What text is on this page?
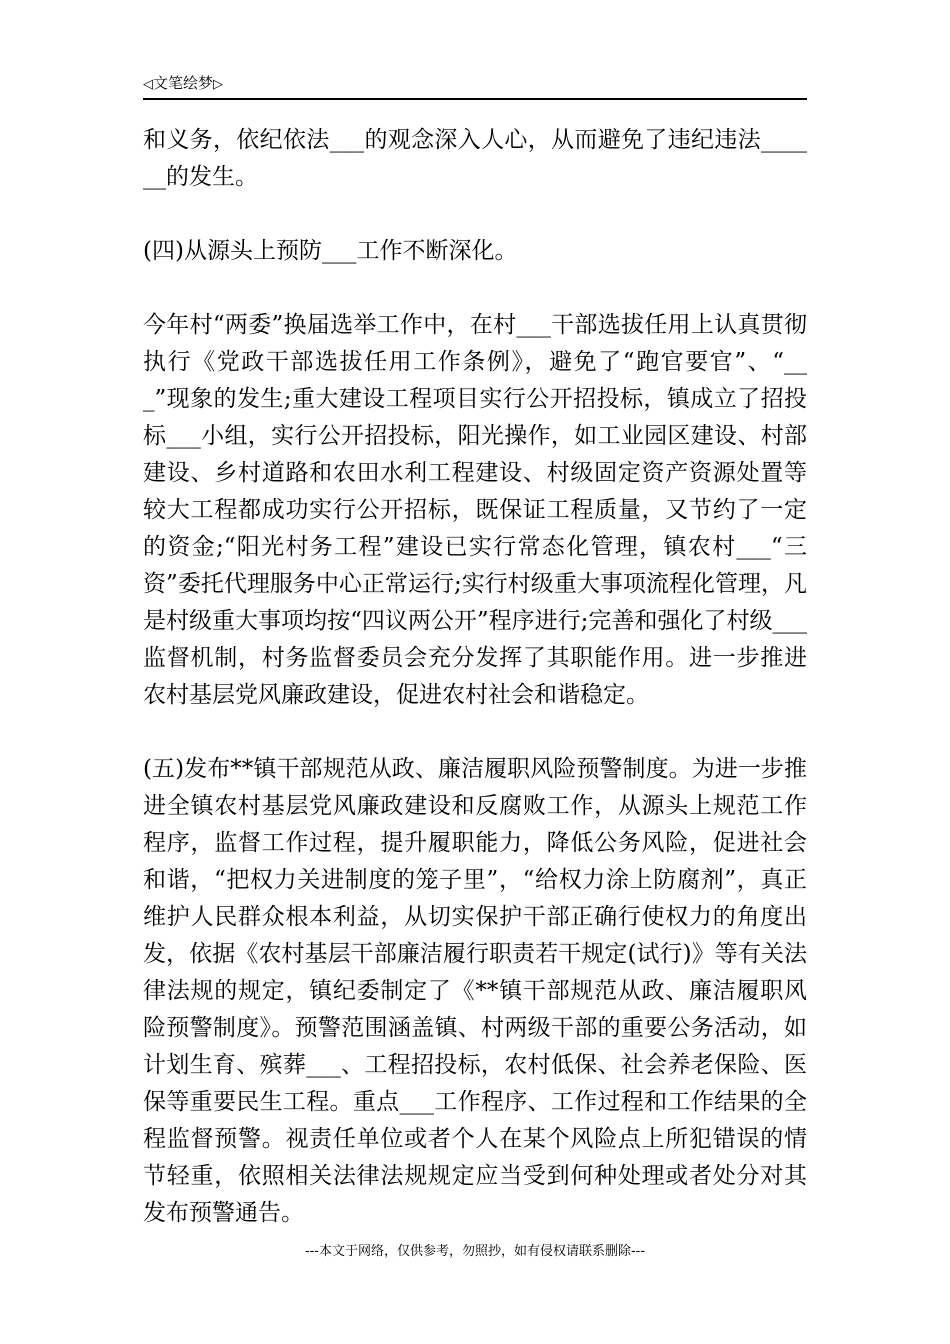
◁文笔绘梦▷

和义务，依纪依法___的观念深入人心，从而避免了违纪违法______的发生。

(四)从源头上预防___工作不断深化。

今年村“两委”换届选举工作中，在村___干部选拔任用上认真贯彻执行《党政干部选拔任用工作条例》，避免了“跑官要官”、“___”现象的发生;重大建设工程项目实行公开招投标，镇成立了招投标___小组，实行公开招投标，阳光操作，如工业园区建设、村部建设、乡村道路和农田水利工程建设、村级固定资产资源处置等较大工程都成功实行公开招标，既保证工程质量，又节约了一定的资金;“阳光村务工程”建设已实行常态化管理，镇农村___“三资”委托代理服务中心正常运行;实行村级重大事项流程化管理，凡是村级重大事项均按“四议两公开”程序进行;完善和强化了村级___监督机制，村务监督委员会充分发挥了其职能作用。进一步推进农村基层党风廉政建设，促进农村社会和谐稳定。

(五)发布**镇干部规范从政、廉洁履职风险预警制度。为进一步推进全镇农村基层党风廉政建设和反腐败工作，从源头上规范工作程序，监督工作过程，提升履职能力，降低公务风险，促进社会和谐，“把权力关进制度的笼子里”，“给权力涂上防腐剂”，真正维护人民群众根本利益，从切实保护干部正确行使权力的角度出发，依据《农村基层干部廉洁履行职责若干规定(试行)》等有关法律法规的规定，镇纪委制定了《**镇干部规范从政、廉洁履职风险预警制度》。预警范围涵盖镇、村两级干部的重要公务活动，如计划生育、殡葬___、工程招投标，农村低保、社会养老保险、医保等重要民生工程。重点___工作程序、工作过程和工作结果的全程监督预警。视责任单位或者个人在某个风险点上所犯错误的情节轻重，依照相关法律法规规定应当受到何种处理或者处分对其发布预警通告。

---本文于网络，仅供参考，勿照抄，如有侵权请联系删除---
